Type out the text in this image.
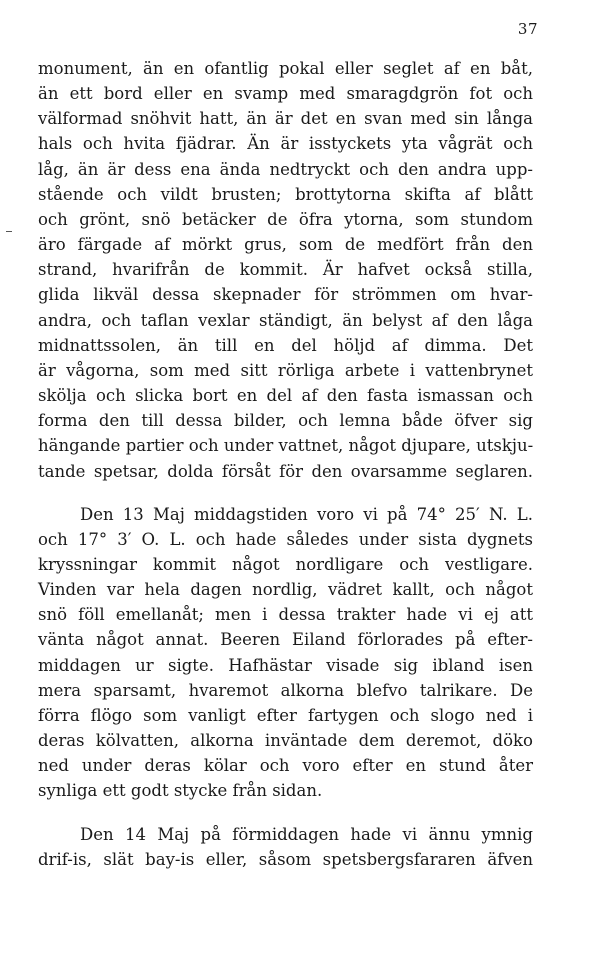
37

monument, än en ofantlig pokal eller seglet af en båt,
än ett bord eller en svamp med smaragdgrön fot och
välformad snöhvit hatt, än är det en svan med sin långa
hals och hvita fjädrar. Än är isstyckets yta vågrät och
låg, än är dess ena ända nedtryckt och den andra upp-
stående och vildt brusten; brottytorna skifta af blått
och grönt, snö betäcker de öfra ytorna, som stundom
äro färgade af mörkt grus, som de medfört från den
strand, hvarifrån de kommit. Är hafvet också stilla,
glida likväl dessa skepnader för strömmen om hvar-
andra, och taflan vexlar ständigt, än belyst af den låga
midnattssolen, än till en del höljd af dimma. Det
är vågorna, som med sitt rörliga arbete i vattenbrynet
skölja och slicka bort en del af den fasta ismassan och
forma den till dessa bilder, och lemna både öfver sig
hängande partier och under vattnet, något djupare, utskju-
tande spetsar, dolda försåt för den ovarsamme seglaren.

Den 13 Maj middagstiden voro vi på 74° 25′ N. L.
och 17° 3′ O. L. och hade således under sista dygnets
kryssningar kommit något nordligare och vestligare.
Vinden var hela dagen nordlig, vädret kallt, och något
snö föll emellanåt; men i dessa trakter hade vi ej att
vänta något annat. Beeren Eiland förlorades på efter-
middagen ur sigte. Hafhästar visade sig ibland isen
mera sparsamt, hvaremot alkorna blefvo talrikare. De
förra flögo som vanligt efter fartygen och slogo ned i
deras kölvatten, alkorna inväntade dem deremot, döko
ned under deras kölar och voro efter en stund åter
synliga ett godt stycke från sidan.

Den 14 Maj på förmiddagen hade vi ännu ymnig
drif-is, slät bay-is eller, såsom spetsbergsfararen äfven
